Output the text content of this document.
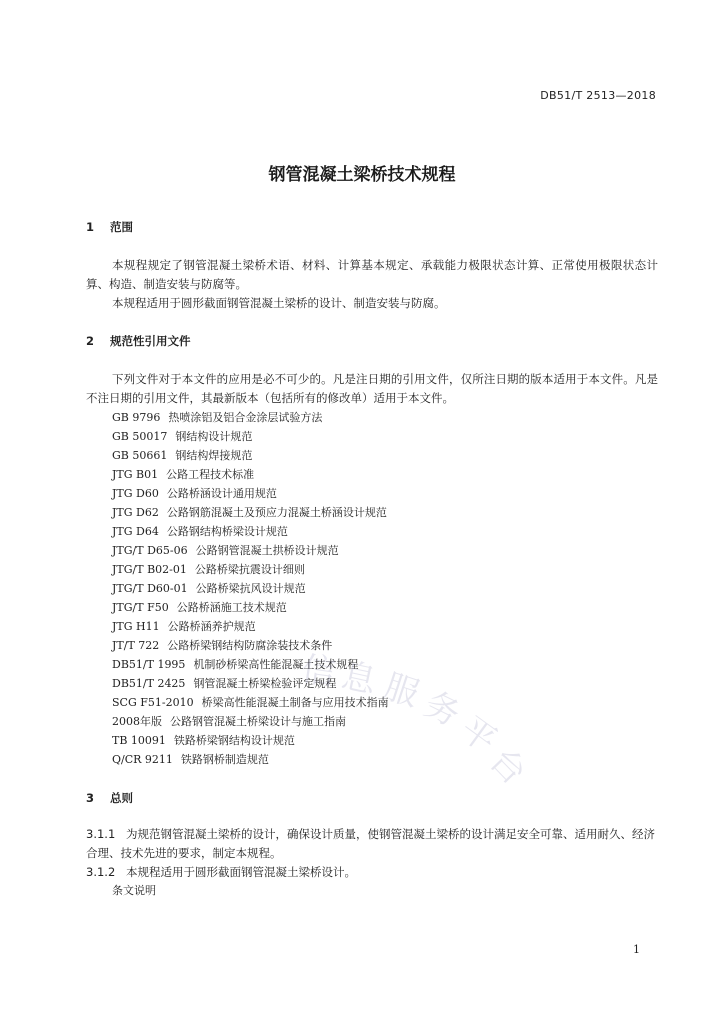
DB51/T 2513—2018
钢管混凝土梁桥技术规程
1 范围

本规程规定了钢管混凝土梁桥术语、材料、计算基本规定、承载能力极限状态计算、正常使用极限状态计算、构造、制造安装与防腐等。

本规程适用于圆形截面钢管混凝土梁桥的设计、制造安装与防腐。

2 规范性引用文件

下列文件对于本文件的应用是必不可少的。凡是注日期的引用文件，仅所注日期的版本适用于本文件。凡是不注日期的引用文件，其最新版本（包括所有的修改单）适用于本文件。

GB 9796 热喷涂铝及铝合金涂层试验方法
GB 50017 钢结构设计规范
GB 50661 钢结构焊接规范
JTG B01 公路工程技术标准
JTG D60 公路桥涵设计通用规范
JTG D62 公路钢筋混凝土及预应力混凝土桥涵设计规范
JTG D64 公路钢结构桥梁设计规范
JTG/T D65-06 公路钢管混凝土拱桥设计规范
JTG/T B02-01 公路桥梁抗震设计细则
JTG/T D60-01 公路桥梁抗风设计规范
JTG/T F50 公路桥涵施工技术规范
JTG H11 公路桥涵养护规范
JT/T 722 公路桥梁钢结构防腐涂装技术条件
DB51/T 1995 机制砂桥梁高性能混凝土技术规程
DB51/T 2425 钢管混凝土桥梁检验评定规程
SCG F51-2010 桥梁高性能混凝土制备与应用技术指南
2008年版 公路钢管混凝土桥梁设计与施工指南
TB 10091 铁路桥梁钢结构设计规范
Q/CR 9211 铁路钢桥制造规范
信 息 服
务
平
台
3 总则

3.1.1 为规范钢管混凝土梁桥的设计，确保设计质量，使钢管混凝土梁桥的设计满足安全可靠、适用耐久、经济合理、技术先进的要求，制定本规程。

3.1.2 本规程适用于圆形截面钢管混凝土梁桥设计。

条文说明
1
